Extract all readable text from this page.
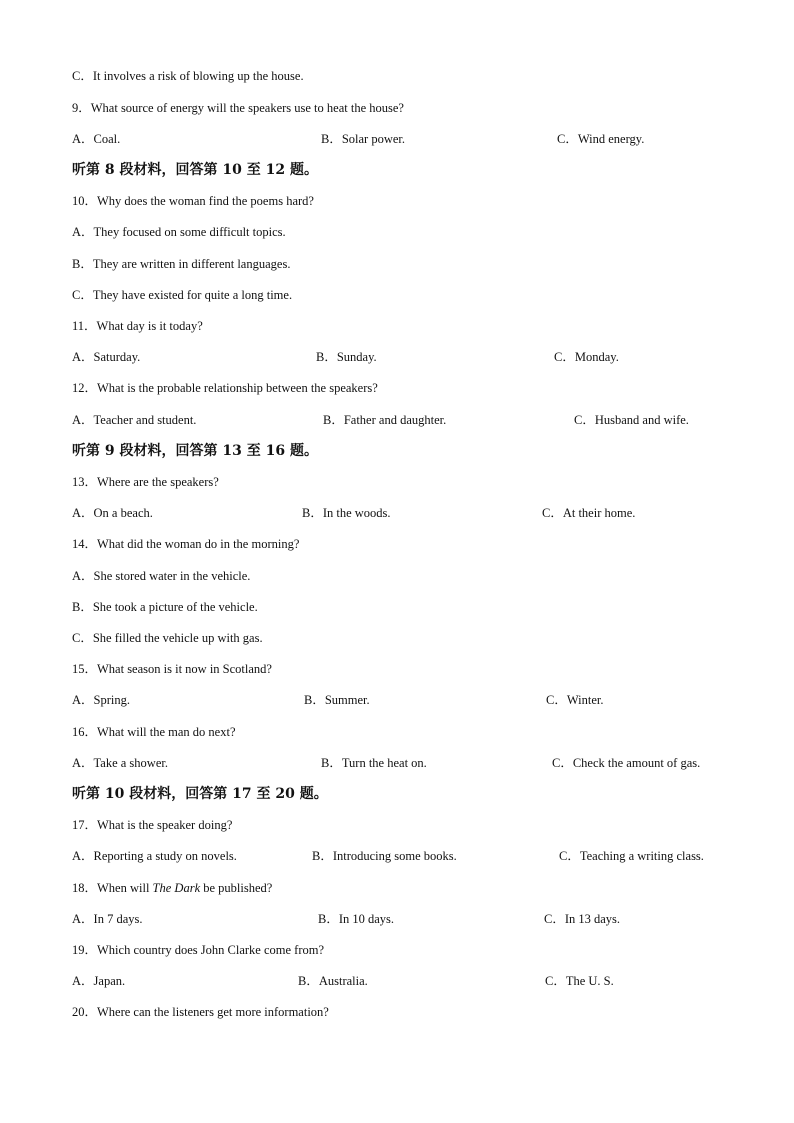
C．It involves a risk of blowing up the house.
9．What source of energy will the speakers use to heat the house?
A．Coal.	B．Solar power.	C．Wind energy.
听第 8 段材料，回答第 10 至 12 题。
10．Why does the woman find the poems hard?
A．They focused on some difficult topics.
B．They are written in different languages.
C．They have existed for quite a long time.
11．What day is it today?
A．Saturday.	B．Sunday.	C．Monday.
12．What is the probable relationship between the speakers?
A．Teacher and student.	B．Father and daughter.	C．Husband and wife.
听第 9 段材料，回答第 13 至 16 题。
13．Where are the speakers?
A．On a beach.	B．In the woods.	C．At their home.
14．What did the woman do in the morning?
A．She stored water in the vehicle.
B．She took a picture of the vehicle.
C．She filled the vehicle up with gas.
15．What season is it now in Scotland?
A．Spring.	B．Summer.	C．Winter.
16．What will the man do next?
A．Take a shower.	B．Turn the heat on.	C．Check the amount of gas.
听第 10 段材料，回答第 17 至 20 题。
17．What is the speaker doing?
A．Reporting a study on novels.	B．Introducing some books.	C．Teaching a writing class.
18．When will The Dark be published?
A．In 7 days.	B．In 10 days.	C．In 13 days.
19．Which country does John Clarke come from?
A．Japan.	B．Australia.	C．The U. S.
20．Where can the listeners get more information?
